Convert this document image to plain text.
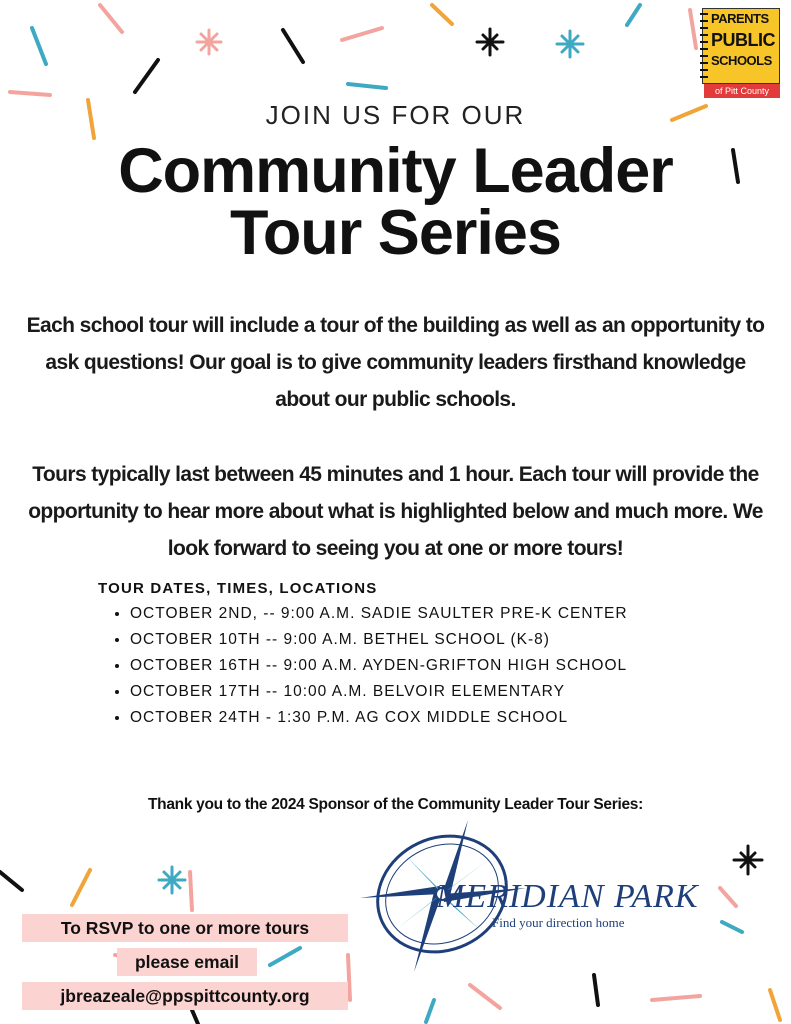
PARENTS
PUBLIC
SCHOOLS
of Pitt County
JOIN US FOR OUR
Community Leader
Tour Series
Each school tour will include a tour of the building as well as an opportunity to ask questions! Our goal is to give community leaders firsthand knowledge about our public schools.
Tours typically last between 45 minutes and 1 hour. Each tour will provide the opportunity to hear more about what is highlighted below and much more. We look forward to seeing you at one or more tours!
TOUR DATES, TIMES, LOCATIONS
• OCTOBER 2ND, -- 9:00 A.M. SADIE SAULTER PRE-K CENTER
• OCTOBER 10TH -- 9:00 A.M. BETHEL SCHOOL (K-8)
• OCTOBER 16TH -- 9:00 A.M. AYDEN-GRIFTON HIGH SCHOOL
• OCTOBER 17TH -- 10:00 A.M. BELVOIR ELEMENTARY
• OCTOBER 24TH - 1:30 P.M. AG COX MIDDLE SCHOOL
Thank you to the 2024 Sponsor of the Community Leader Tour Series:
MERIDIAN PARK
Find your direction home
To RSVP to one or more tours
please email
jbreazeale@ppspittcounty.org
